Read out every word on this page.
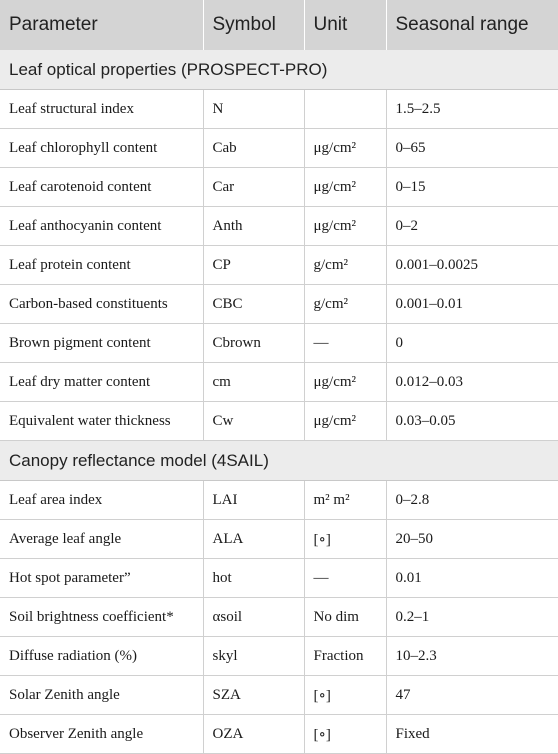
Parameter	Symbol	Unit	Seasonal range
Leaf optical properties (PROSPECT-PRO)			
Leaf structural index	N		1.5–2.5
Leaf chlorophyll content	Cab	μg/cm²	0–65
Leaf carotenoid content	Car	μg/cm²	0–15
Leaf anthocyanin content	Anth	μg/cm²	0–2
Leaf protein content	CP	g/cm²	0.001–0.0025
Carbon-based constituents	CBC	g/cm²	0.001–0.01
Brown pigment content	Cbrown	—	0
Leaf dry matter content	cm	μg/cm²	0.012–0.03
Equivalent water thickness	Cw	μg/cm²	0.03–0.05
Canopy reflectance model (4SAIL)			
Leaf area index	LAI	m² m²	0–2.8
Average leaf angle	ALA	[∘]	20–50
Hot spot parameter”	hot	—	0.01
Soil brightness coefficient*	αsoil	No dim	0.2–1
Diffuse radiation (%)	skyl	Fraction	10–2.3
Solar Zenith angle	SZA	[∘]	47
Observer Zenith angle	OZA	[∘]	Fixed
